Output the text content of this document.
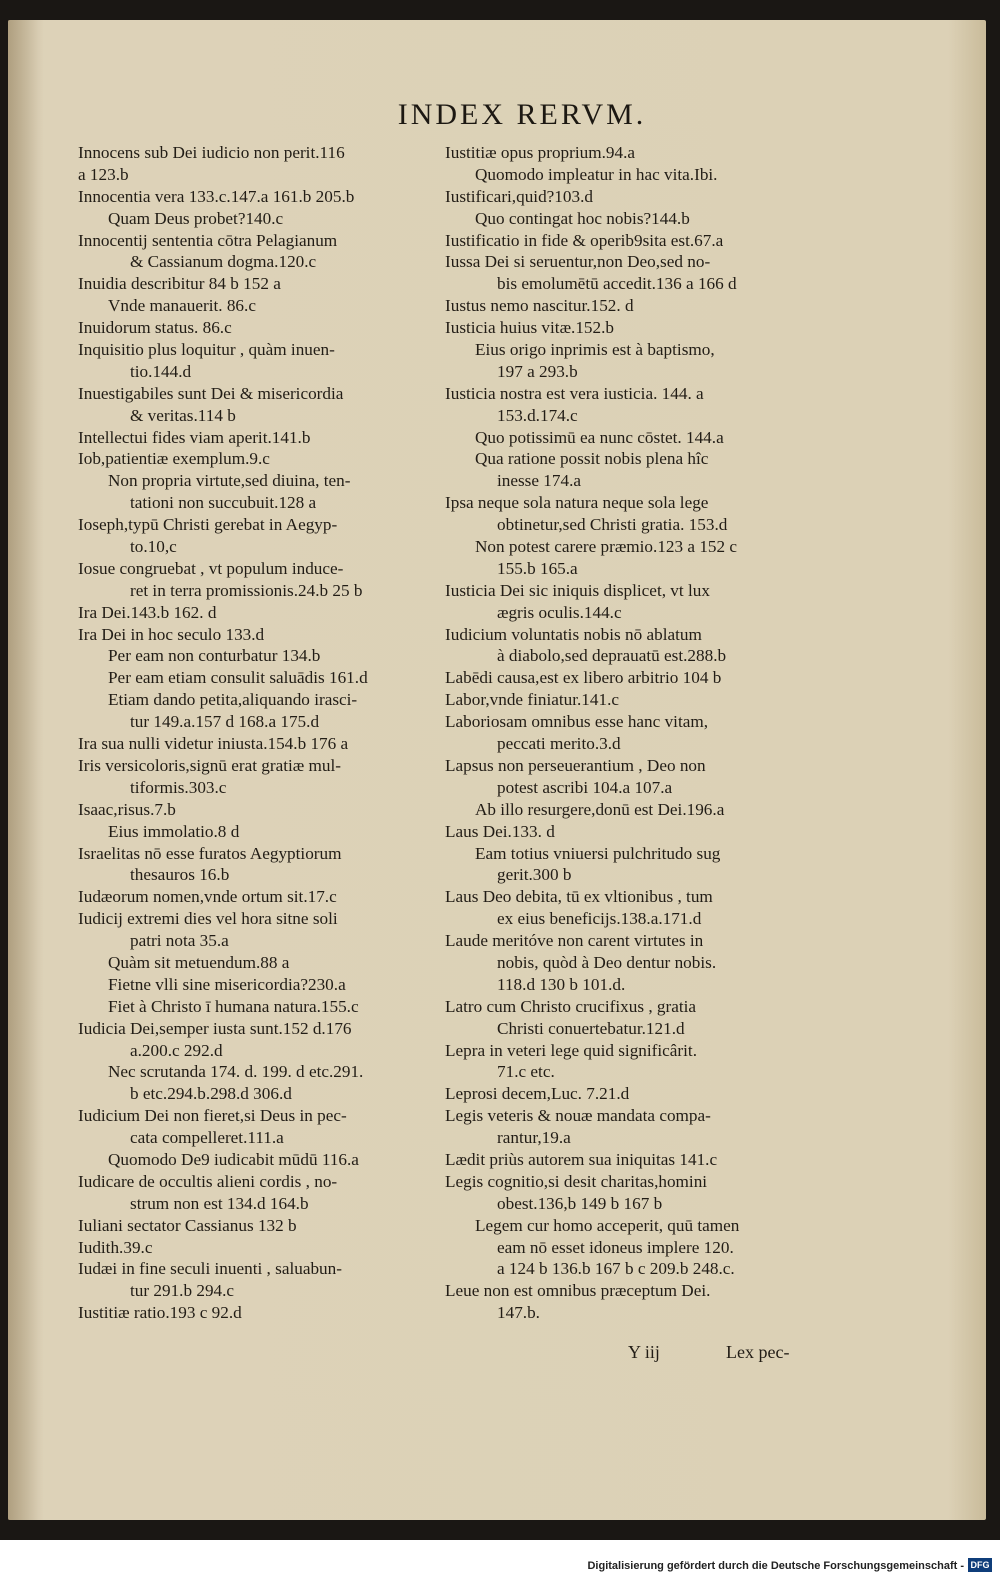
INDEX RERVM.
Innocens sub Dei iudicio non perit.116
a 123.b
Innocentia vera 133.c.147.a 161.b 205.b
Quam Deus probet?140.c
Innocentij sententia cōtra Pelagianum
& Cassianum dogma.120.c
Inuidia describitur 84 b 152 a
Vnde manauerit. 86.c
Inuidorum status. 86.c
Inquisitio plus loquitur , quàm inuen-
tio.144.d
Inuestigabiles sunt Dei & misericordia
& veritas.114 b
Intellectui fides viam aperit.141.b
Iob,patientiæ exemplum.9.c
Non propria virtute,sed diuina, ten-
tationi non succubuit.128 a
Ioseph,typū Christi gerebat in Aegyp-
to.10,c
Iosue congruebat , vt populum induce-
ret in terra promissionis.24.b 25 b
Ira Dei.143.b 162. d
Ira Dei in hoc seculo 133.d
Per eam non conturbatur 134.b
Per eam etiam consulit saluādis 161.d
Etiam dando petita,aliquando irasci-
tur 149.a.157 d 168.a 175.d
Ira sua nulli videtur iniusta.154.b 176 a
Iris versicoloris,signū erat gratiæ mul-
tiformis.303.c
Isaac,risus.7.b
Eius immolatio.8 d
Israelitas nō esse furatos Aegyptiorum
thesauros 16.b
Iudæorum nomen,vnde ortum sit.17.c
Iudicij extremi dies vel hora sitne soli
patri nota 35.a
Quàm sit metuendum.88 a
Fietne vlli sine misericordia?230.a
Fiet à Christo ī humana natura.155.c
Iudicia Dei,semper iusta sunt.152 d.176
a.200.c 292.d
Nec scrutanda 174. d. 199. d etc.291.
b etc.294.b.298.d 306.d
Iudicium Dei non fieret,si Deus in pec-
cata compelleret.111.a
Quomodo De9 iudicabit mūdū 116.a
Iudicare de occultis alieni cordis , no-
strum non est 134.d 164.b
Iuliani sectator Cassianus 132 b
Iudith.39.c
Iudæi in fine seculi inuenti , saluabun-
tur 291.b 294.c
Iustitiæ ratio.193 c 92.d
Iustitiæ opus proprium.94.a
Quomodo impleatur in hac vita.Ibi.
Iustificari,quid?103.d
Quo contingat hoc nobis?144.b
Iustificatio in fide & operib9sita est.67.a
Iussa Dei si seruentur,non Deo,sed no-
bis emolumētū accedit.136 a 166 d
Iustus nemo nascitur.152. d
Iusticia huius vitæ.152.b
Eius origo inprimis est à baptismo,
197 a 293.b
Iusticia nostra est vera iusticia. 144. a
153.d.174.c
Quo potissimū ea nunc cōstet. 144.a
Qua ratione possit nobis plena hîc
inesse 174.a
Ipsa neque sola natura neque sola lege
obtinetur,sed Christi gratia. 153.d
Non potest carere præmio.123 a 152 c
155.b 165.a
Iusticia Dei sic iniquis displicet, vt lux
ægris oculis.144.c
Iudicium voluntatis nobis nō ablatum
à diabolo,sed deprauatū est.288.b
Labēdi causa,est ex libero arbitrio 104 b
Labor,vnde finiatur.141.c
Laboriosam omnibus esse hanc vitam,
peccati merito.3.d
Lapsus non perseuerantium , Deo non
potest ascribi 104.a 107.a
Ab illo resurgere,donū est Dei.196.a
Laus Dei.133. d
Eam totius vniuersi pulchritudo sug
gerit.300 b
Laus Deo debita, tū ex vltionibus , tum
ex eius beneficijs.138.a.171.d
Laude meritóve non carent virtutes in
nobis, quòd à Deo dentur nobis.
118.d 130 b 101.d.
Latro cum Christo crucifixus , gratia
Christi conuertebatur.121.d
Lepra in veteri lege quid significârit.
71.c etc.
Leprosi decem,Luc. 7.21.d
Legis veteris & nouæ mandata compa-
rantur,19.a
Lædit priùs autorem sua iniquitas 141.c
Legis cognitio,si desit charitas,homini
obest.136,b 149 b 167 b
Legem cur homo acceperit, quū tamen
eam nō esset idoneus implere 120.
a 124 b 136.b 167 b c 209.b 248.c.
Leue non est omnibus præceptum Dei.
147.b.
Y iij	Lex pec-
Digitalisierung gefördert durch die Deutsche Forschungsgemeinschaft - DFG
